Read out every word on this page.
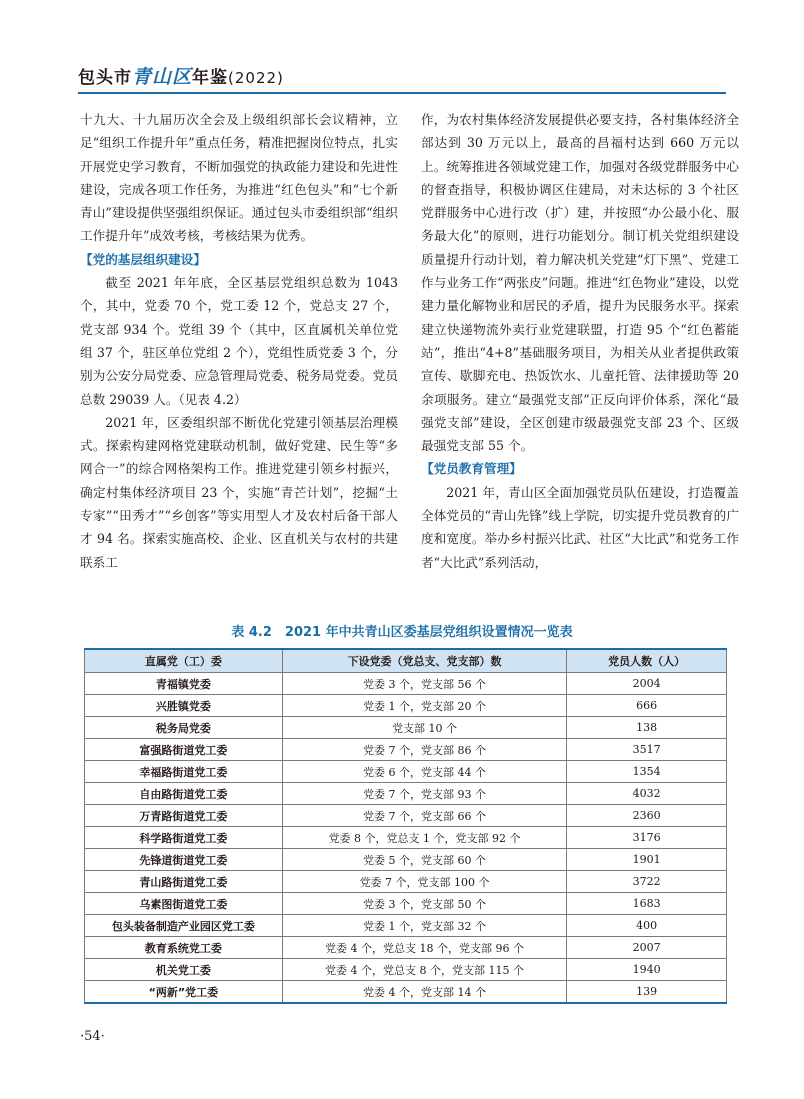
包头市青山区年鉴(2022)

十九大、十九届历次全会及上级组织部长会议精神，立足“组织工作提升年”重点任务，精准把握岗位特点，扎实开展党史学习教育，不断加强党的执政能力建设和先进性建设，完成各项工作任务，为推进“红色包头”和“七个新青山”建设提供坚强组织保证。通过包头市委组织部“组织工作提升年”成效考核，考核结果为优秀。

【党的基层组织建设】

截至 2021 年年底，全区基层党组织总数为 1043 个，其中，党委 70 个，党工委 12 个，党总支 27 个，党支部 934 个。党组 39 个（其中，区直属机关单位党组 37 个，驻区单位党组 2 个），党组性质党委 3 个，分别为公安分局党委、应急管理局党委、税务局党委。党员总数 29039 人。（见表 4.2）

2021 年，区委组织部不断优化党建引领基层治理模式。探索构建网格党建联动机制，做好党建、民生等“多网合一”的综合网格架构工作。推进党建引领乡村振兴，确定村集体经济项目 23 个，实施“青芒计划”，挖掘“土专家”“田秀才”“乡创客”等实用型人才及农村后备干部人才 94 名。探索实施高校、企业、区直机关与农村的共建联系工

作，为农村集体经济发展提供必要支持，各村集体经济全部达到 30 万元以上，最高的昌福村达到 660 万元以上。统筹推进各领域党建工作，加强对各级党群服务中心的督查指导，积极协调区住建局，对未达标的 3 个社区党群服务中心进行改（扩）建，并按照“办公最小化、服务最大化”的原则，进行功能划分。制订机关党组织建设质量提升行动计划，着力解决机关党建“灯下黑”、党建工作与业务工作“两张皮”问题。推进“红色物业”建设，以党建力量化解物业和居民的矛盾，提升为民服务水平。探索建立快递物流外卖行业党建联盟，打造 95 个“红色蓄能站”，推出“4+8”基础服务项目，为相关从业者提供政策宣传、歇脚充电、热饭饮水、儿童托管、法律援助等 20 余项服务。建立“最强党支部”正反向评价体系，深化“最强党支部”建设，全区创建市级最强党支部 23 个、区级最强党支部 55 个。

【党员教育管理】

2021 年，青山区全面加强党员队伍建设，打造覆盖全体党员的“青山先锋”线上学院，切实提升党员教育的广度和宽度。举办乡村振兴比武、社区“大比武”和党务工作者“大比武”系列活动，

表 4.2　2021 年中共青山区委基层党组织设置情况一览表
直属党（工）委	下设党委（党总支、党支部）数	党员人数（人）
青福镇党委	党委 3 个，党支部 56 个	2004
兴胜镇党委	党委 1 个，党支部 20 个	666
税务局党委	党支部 10 个	138
富强路街道党工委	党委 7 个，党支部 86 个	3517
幸福路街道党工委	党委 6 个，党支部 44 个	1354
自由路街道党工委	党委 7 个，党支部 93 个	4032
万青路街道党工委	党委 7 个，党支部 66 个	2360
科学路街道党工委	党委 8 个，党总支 1 个，党支部 92 个	3176
先锋道街道党工委	党委 5 个，党支部 60 个	1901
青山路街道党工委	党委 7 个，党支部 100 个	3722
乌素图街道党工委	党委 3 个，党支部 50 个	1683
包头装备制造产业园区党工委	党委 1 个，党支部 32 个	400
教育系统党工委	党委 4 个，党总支 18 个，党支部 96 个	2007
机关党工委	党委 4 个，党总支 8 个，党支部 115 个	1940
“两新”党工委	党委 4 个，党支部 14 个	139
·54·
